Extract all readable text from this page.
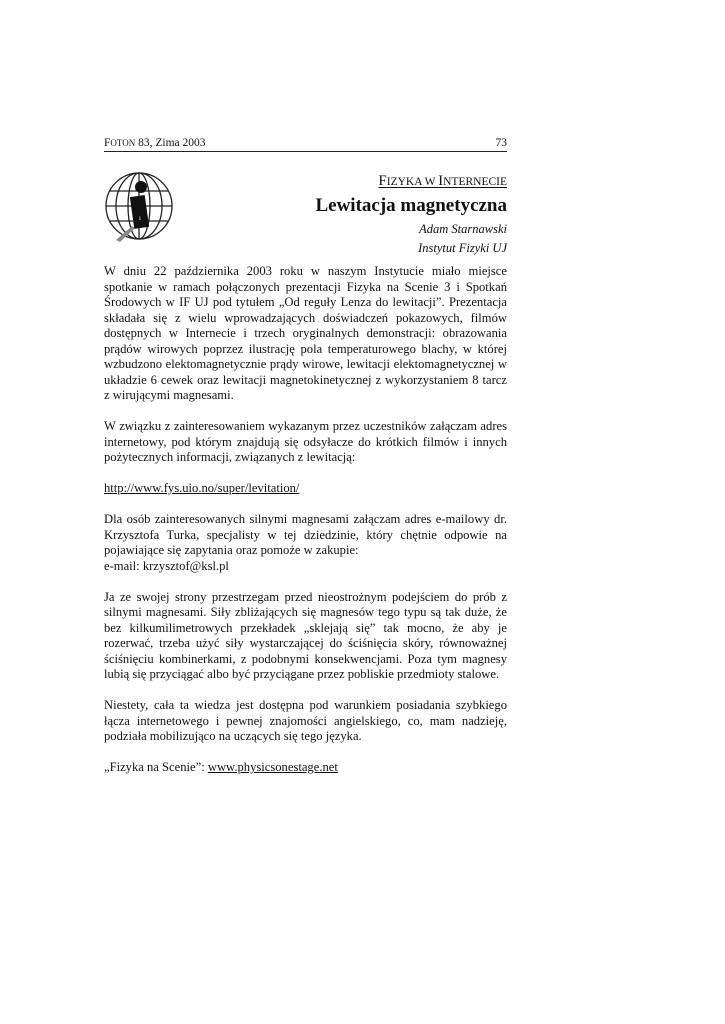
FOTON 83, Zima 2003	73
i
FIZYKA W INTERNECIE
Lewitacja magnetyczna
Adam Starnawski
Instytut Fizyki UJ

W dniu 22 października 2003 roku w naszym Instytucie miało miejsce spotkanie w ramach połączonych prezentacji Fizyka na Scenie 3 i Spotkań Środowych w IF UJ pod tytułem „Od reguły Lenza do lewitacji”. Prezentacja składała się z wielu wprowadzających doświadczeń pokazowych, filmów dostępnych w Internecie i trzech oryginalnych demonstracji: obrazowania prądów wirowych poprzez ilustrację pola temperaturowego blachy, w której wzbudzono elektomagnetycznie prądy wirowe, lewitacji elektomagnetycznej w układzie 6 cewek oraz lewitacji magnetokinetycznej z wykorzystaniem 8 tarcz z wirującymi magnesami.

W związku z zainteresowaniem wykazanym przez uczestników załączam adres internetowy, pod którym znajdują się odsyłacze do krótkich filmów i innych pożytecznych informacji, związanych z lewitacją:

http://www.fys.uio.no/super/levitation/

Dla osób zainteresowanych silnymi magnesami załączam adres e-mailowy dr. Krzysztofa Turka, specjalisty w tej dziedzinie, który chętnie odpowie na pojawiające się zapytania oraz pomoże w zakupie:
e-mail: krzysztof@ksl.pl

Ja ze swojej strony przestrzegam przed nieostrożnym podejściem do prób z silnymi magnesami. Siły zbliżających się magnesów tego typu są tak duże, że bez kilkumilimetrowych przekładek „sklejają się” tak mocno, że aby je rozerwać, trzeba użyć siły wystarczającej do ściśnięcia skóry, równoważnej ściśnięciu kombinerkami, z podobnymi konsekwencjami. Poza tym magnesy lubią się przyciągać albo być przyciągane przez pobliskie przedmioty stalowe.

Niestety, cała ta wiedza jest dostępna pod warunkiem posiadania szybkiego łącza internetowego i pewnej znajomości angielskiego, co, mam nadzieję, podziała mobilizująco na uczących się tego języka.

„Fizyka na Scenie”: www.physicsonestage.net
